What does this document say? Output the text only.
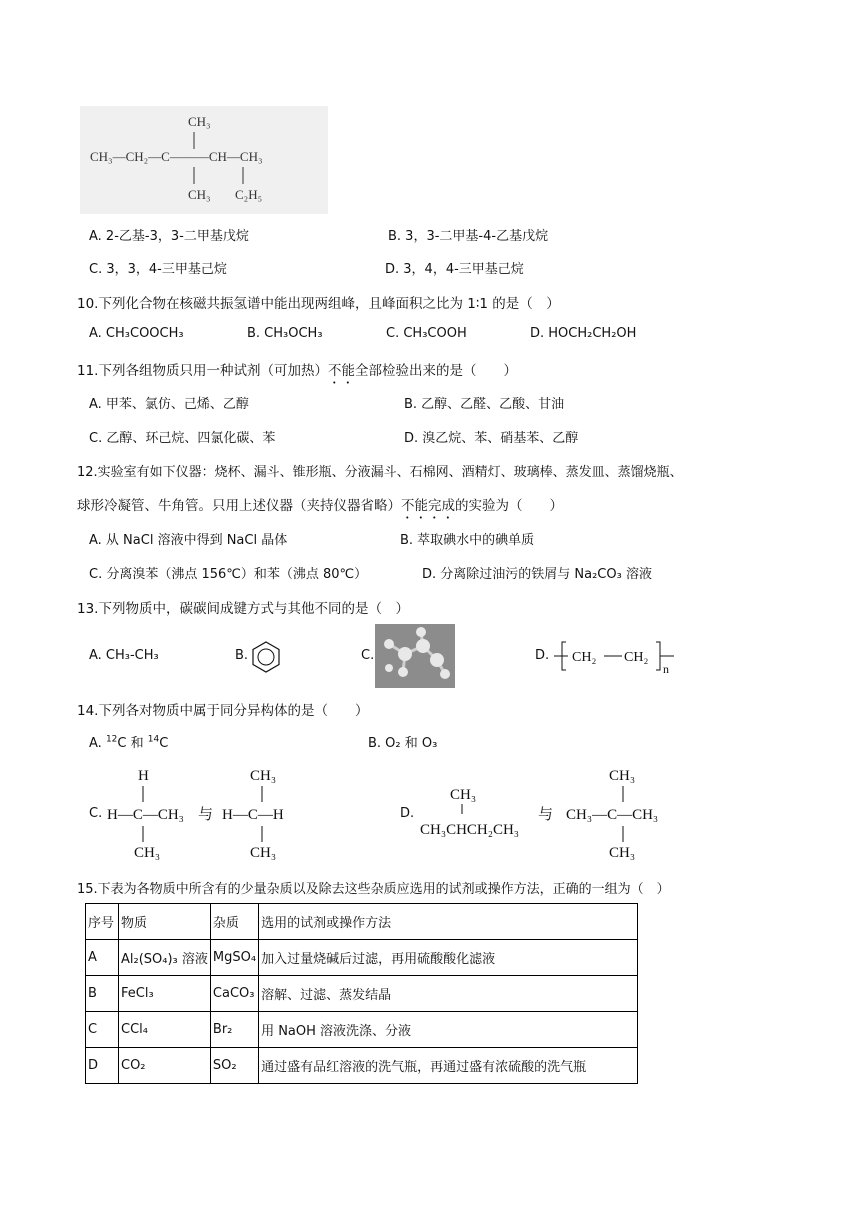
CH₃
CH₃—CH₂—C———CH—CH₃
CH₃ C₂H₅
A. 2-乙基-3，3-二甲基戊烷	B. 3，3-二甲基-4-乙基戊烷
C. 3，3，4-三甲基己烷	D. 3，4，4-三甲基己烷
10.下列化合物在核磁共振氢谱中能出现两组峰，且峰面积之比为 1∶1 的是（　）
A. CH₃COOCH₃	B. CH₃OCH₃	C. CH₃COOH	D. HOCH₂CH₂OH
11.下列各组物质只用一种试剂（可加热）不能全部检验出来的是（　　）
A. 甲苯、氯仿、己烯、乙醇	B. 乙醇、乙醛、乙酸、甘油
C. 乙醇、环己烷、四氯化碳、苯	D. 溴乙烷、苯、硝基苯、乙醇
12.实验室有如下仪器：烧杯、漏斗、锥形瓶、分液漏斗、石棉网、酒精灯、玻璃棒、蒸发皿、蒸馏烧瓶、
球形冷凝管、牛角管。只用上述仪器（夹持仪器省略）不能完成的实验为（　　）
A. 从 NaCl 溶液中得到 NaCl 晶体	B. 萃取碘水中的碘单质
C. 分离溴苯（沸点 156℃）和苯（沸点 80℃）	D. 分离除过油污的铁屑与 Na₂CO₃ 溶液
13.下列物质中，碳碳间成键方式与其他不同的是（　）
A. CH₃-CH₃	B.	C.	D. CH₂ CH₂
n
14.下列各对物质中属于同分异构体的是（　　）
A. $^{12}$C 和 $^{14}$C	B. O₂ 和 O₃
C.
H
H—C—CH₃
CH₃
与
CH₃
H—C—H
CH₃
D.
CH₃
CH₃CHCH₂CH₃
与
CH₃
CH₃—C—CH₃
CH₃
15.下表为各物质中所含有的少量杂质以及除去这些杂质应选用的试剂或操作方法，正确的一组为（　）
序号	物质	杂质	选用的试剂或操作方法
A	Al₂(SO₄)₃ 溶液	MgSO₄	加入过量烧碱后过滤，再用硫酸酸化滤液
B	FeCl₃	CaCO₃	溶解、过滤、蒸发结晶
C	CCl₄	Br₂	用 NaOH 溶液洗涤、分液
D	CO₂	SO₂	通过盛有品红溶液的洗气瓶，再通过盛有浓硫酸的洗气瓶
